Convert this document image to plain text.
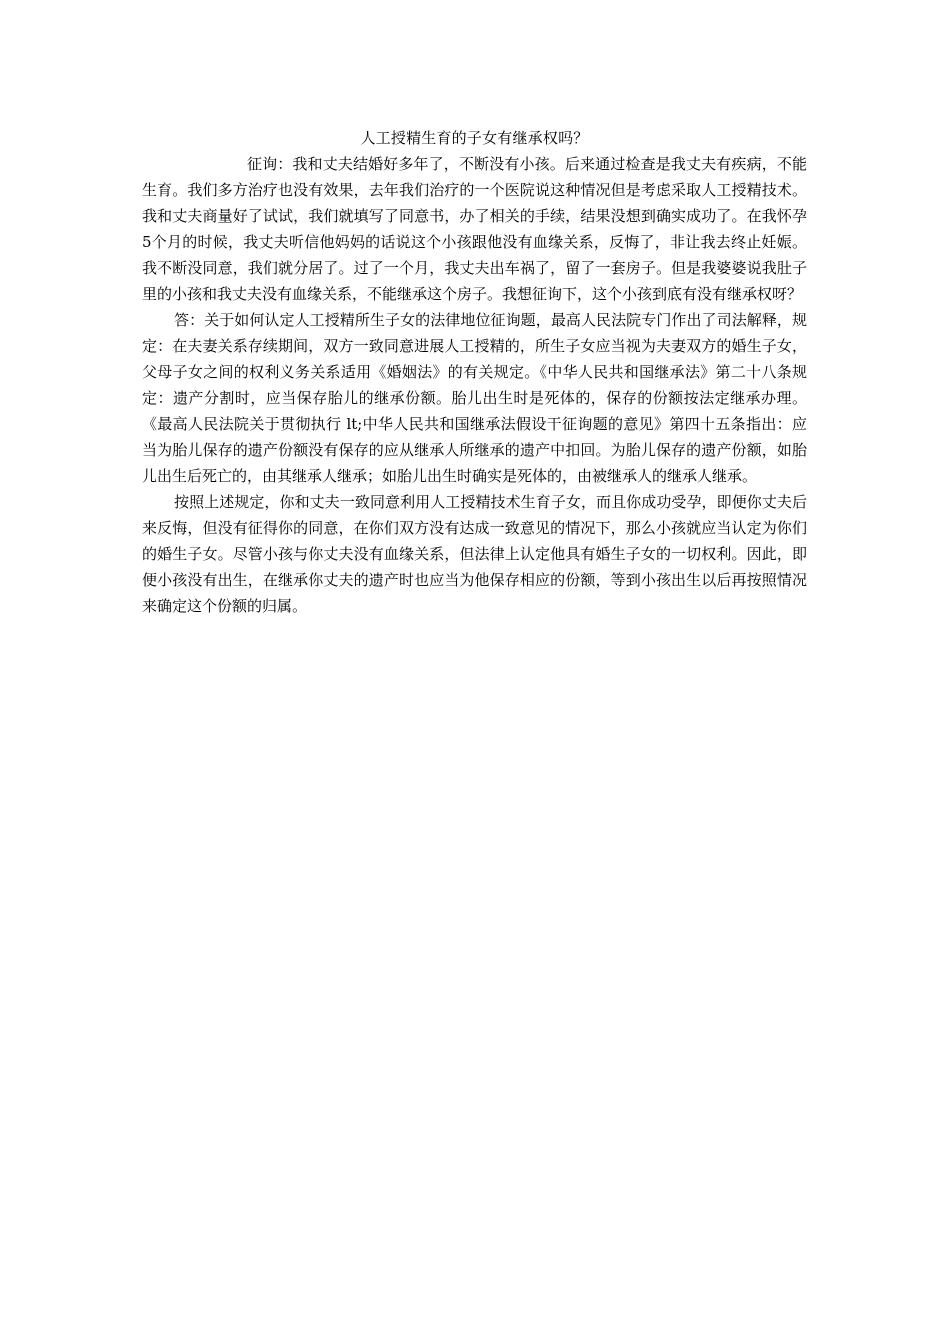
人工授精生育的子女有继承权吗？

征询：我和丈夫结婚好多年了，不断没有小孩。后来通过检查是我丈夫有疾病，不能生育。我们多方治疗也没有效果，去年我们治疗的一个医院说这种情况但是考虑采取人工授精技术。我和丈夫商量好了试试，我们就填写了同意书，办了相关的手续，结果没想到确实成功了。在我怀孕5个月的时候，我丈夫听信他妈妈的话说这个小孩跟他没有血缘关系，反悔了，非让我去终止妊娠。我不断没同意，我们就分居了。过了一个月，我丈夫出车祸了，留了一套房子。但是我婆婆说我肚子里的小孩和我丈夫没有血缘关系，不能继承这个房子。我想征询下，这个小孩到底有没有继承权呀？

答：关于如何认定人工授精所生子女的法律地位征询题，最高人民法院专门作出了司法解释，规定：在夫妻关系存续期间，双方一致同意进展人工授精的，所生子女应当视为夫妻双方的婚生子女，父母子女之间的权利义务关系适用《婚姻法》的有关规定。《中华人民共和国继承法》第二十八条规定：遗产分割时，应当保存胎儿的继承份额。胎儿出生时是死体的，保存的份额按法定继承办理。《最高人民法院关于贯彻执行 lt;中华人民共和国继承法假设干征询题的意见》第四十五条指出：应当为胎儿保存的遗产份额没有保存的应从继承人所继承的遗产中扣回。为胎儿保存的遗产份额，如胎儿出生后死亡的，由其继承人继承；如胎儿出生时确实是死体的，由被继承人的继承人继承。

按照上述规定，你和丈夫一致同意利用人工授精技术生育子女，而且你成功受孕，即便你丈夫后来反悔，但没有征得你的同意，在你们双方没有达成一致意见的情况下，那么小孩就应当认定为你们的婚生子女。尽管小孩与你丈夫没有血缘关系，但法律上认定他具有婚生子女的一切权利。因此，即便小孩没有出生，在继承你丈夫的遗产时也应当为他保存相应的份额，等到小孩出生以后再按照情况来确定这个份额的归属。
